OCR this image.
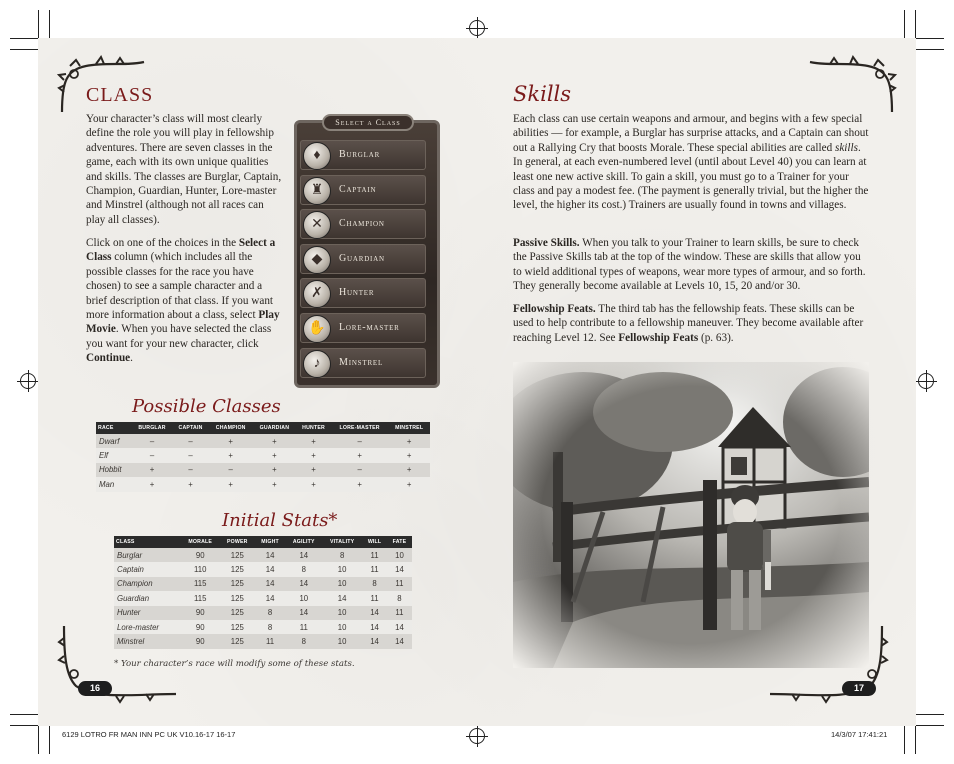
CLASS
Your character’s class will most clearly define the role you will play in fellowship adventures. There are seven classes in the game, each with its own unique qualities and skills. The classes are Burglar, Captain, Champion, Guardian, Hunter, Lore-master and Minstrel (although not all races can play all classes).
Click on one of the choices in the Select a Class column (which includes all the possible classes for the race you have chosen) to see a sample character and a brief description of that class. If you want more information about a class, select Play Movie. When you have selected the class you want for your new character, click Continue.
Select a Class
♦	Burglar
♜	Captain
✕	Champion
◆	Guardian
✗	Hunter
✋	Lore-master
♪	Minstrel
Possible Classes
RACE	BURGLAR	CAPTAIN	CHAMPION	GUARDIAN	HUNTER	LORE-MASTER	MINSTREL
Dwarf	–	–	+	+	+	–	+
Elf	–	–	+	+	+	+	+
Hobbit	+	–	–	+	+	–	+
Man	+	+	+	+	+	+	+
Initial Stats*
CLASS	MORALE	POWER	MIGHT	AGILITY	VITALITY	WILL	FATE
Burglar	90	125	14	14	8	11	10
Captain	110	125	14	8	10	11	14
Champion	115	125	14	14	10	8	11
Guardian	115	125	14	10	14	11	8
Hunter	90	125	8	14	10	14	11
Lore-master	90	125	8	11	10	14	14
Minstrel	90	125	11	8	10	14	14
* Your character’s race will modify some of these stats.
16
Skills
Each class can use certain weapons and armour, and begins with a few special abilities — for example, a Burglar has surprise attacks, and a Captain can shout out a Rallying Cry that boosts Morale. These special abilities are called skills. In general, at each even-numbered level (until about Level 40) you can learn at least one new active skill. To gain a skill, you must go to a Trainer for your class and pay a modest fee. (The payment is generally trivial, but the higher the level, the higher its cost.) Trainers are usually found in towns and villages.
Passive Skills. When you talk to your Trainer to learn skills, be sure to check the Passive Skills tab at the top of the window. These are skills that allow you to wield additional types of weapons, wear more types of armour, and so forth. They generally become available at Levels 10, 15, 20 and/or 30.
Fellowship Feats. The third tab has the fellowship feats. These skills can be used to help contribute to a fellowship maneuver. They become available after reaching Level 12. See Fellowship Feats (p. 63).
17
6129 LOTRO FR MAN INN PC UK V10.16-17 16-17	14/3/07 17:41:21
